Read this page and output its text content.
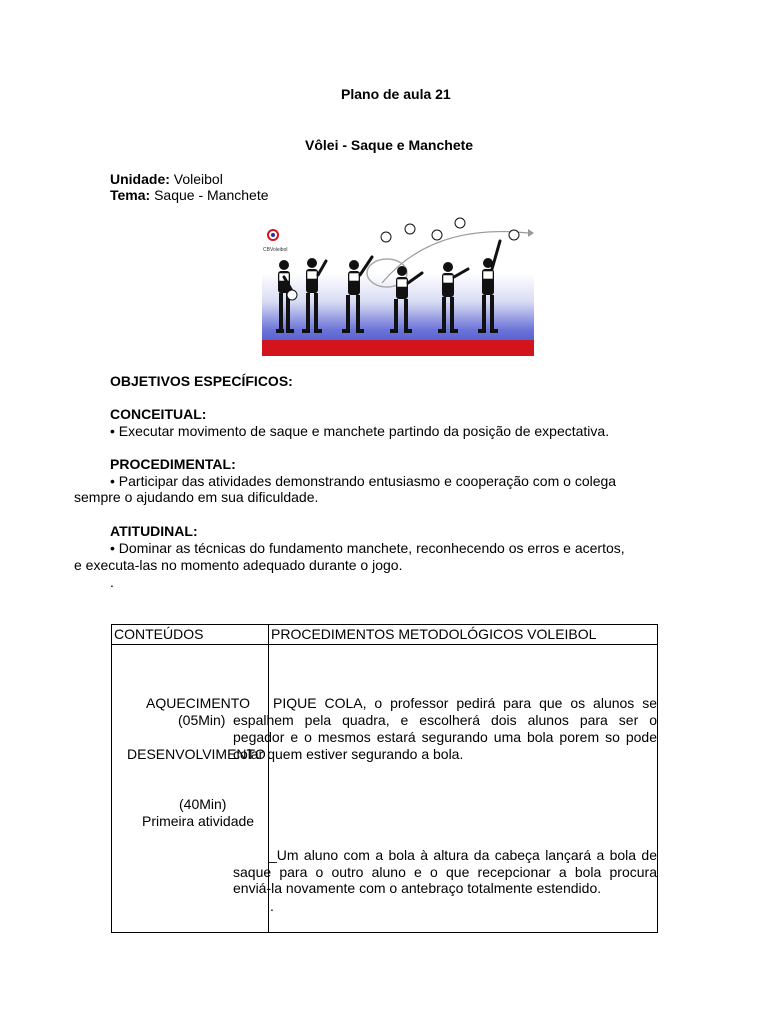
Plano de aula 21
Vôlei - Saque e Manchete
Unidade: Voleibol
Tema: Saque - Manchete
CBVoleibol
OBJETIVOS ESPECÍFICOS:
CONCEITUAL:
• Executar movimento de saque e manchete partindo da posição de expectativa.
PROCEDIMENTAL:
• Participar das atividades demonstrando entusiasmo e cooperação com o colega
sempre o ajudando em sua dificuldade.
ATITUDINAL:
• Dominar as técnicas do fundamento manchete, reconhecendo os erros e acertos,
e executa-las no momento adequado durante o jogo.
.
CONTEÚDOS	PROCEDIMENTOS METODOLÓGICOS VOLEIBOL
AQUECIMENTO
(05Min)
DESENVOLVIMENTO
(40Min)
Primeira atividade
PIQUE COLA, o professor pedirá para que os alunos se
espalhem pela quadra, e escolherá dois alunos para ser o
pegador e o mesmos estará segurando uma bola porem so pode
colar quem estiver segurando a bola.
_Um aluno com a bola à altura da cabeça lançará a bola de
saque para o outro aluno e o que recepcionar a bola procura
enviá-la novamente com o antebraço totalmente estendido.
.
